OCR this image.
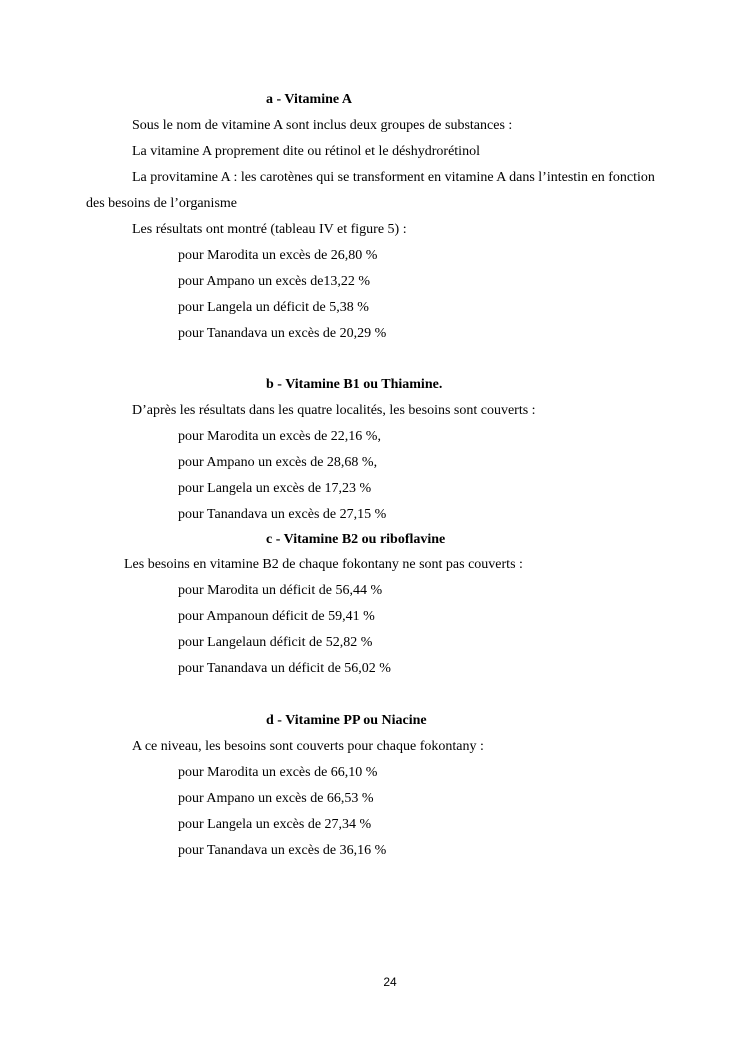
a - Vitamine A
Sous le nom de vitamine A sont inclus deux groupes de substances :
La vitamine A proprement dite ou rétinol et le déshydrorétinol
La provitamine A : les carotènes qui se transforment en vitamine A dans l’intestin en fonction
des besoins de l’organisme
Les résultats ont montré (tableau IV et figure 5) :
pour Marodita un excès de 26,80 %
pour Ampano un excès de13,22 %
pour Langela un déficit de 5,38 %
pour Tanandava un excès de 20,29 %
b - Vitamine B1 ou Thiamine.
D’après les résultats dans les quatre localités, les besoins sont couverts :
pour Marodita un excès de 22,16 %,
pour Ampano un excès de 28,68 %,
pour Langela un excès de 17,23 %
pour Tanandava un excès de 27,15 %
c - Vitamine B2 ou riboflavine
Les besoins en vitamine B2 de chaque fokontany ne sont pas couverts :
pour Marodita un déficit de 56,44 %
pour Ampanoun déficit de 59,41 %
pour Langelaun déficit de 52,82 %
pour Tanandava un déficit de 56,02 %
d - Vitamine PP ou Niacine
A ce niveau, les besoins sont couverts pour chaque fokontany :
pour Marodita un excès de 66,10 %
pour Ampano un excès de 66,53 %
pour Langela un excès de 27,34 %
pour Tanandava un excès de 36,16 %
24
